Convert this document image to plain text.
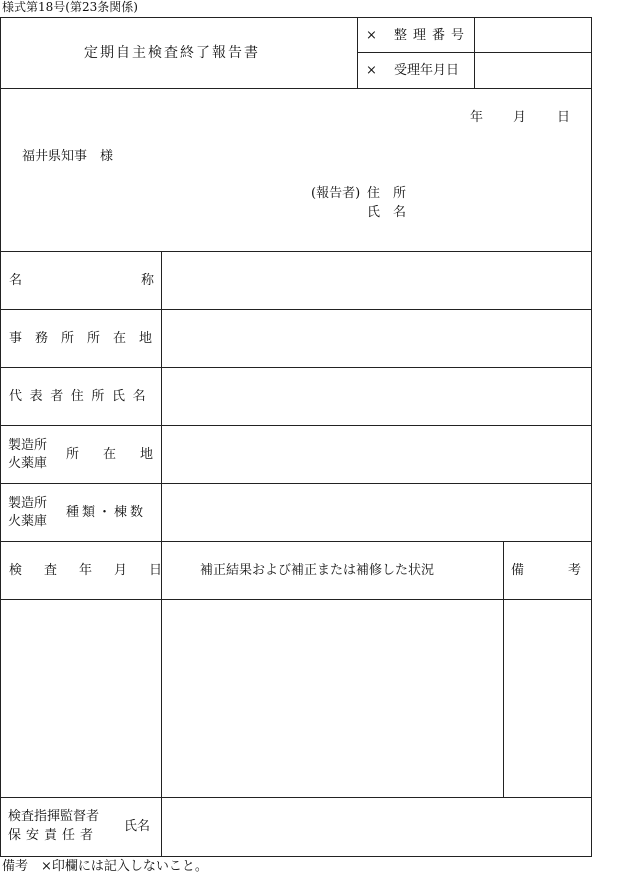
様式第18号(第23条関係)
定期自主検査終了報告書
× 整理番号
× 受理年月日
年 月 日
福井県知事　様
(報告者) 住　所
氏　名
名称
事務所所在地
代表者住所氏名
製造所
火薬庫
所在地
製造所
火薬庫
種類・棟数
検査年月日 補正結果および補正または補修した状況	備考
検査指揮監督者
保安責任者
氏名
備考　×印欄には記入しないこと。
